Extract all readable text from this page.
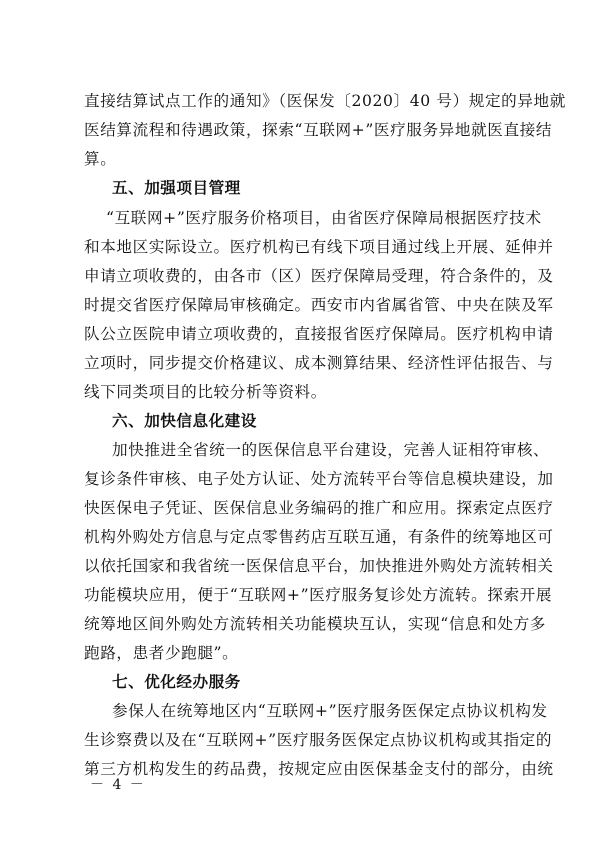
直接结算试点工作的通知》（医保发〔2020〕40 号）规定的异地就
医结算流程和待遇政策，探索“互联网+”医疗服务异地就医直接结
算。
五、加强项目管理
“互联网+”医疗服务价格项目，由省医疗保障局根据医疗技术
和本地区实际设立。医疗机构已有线下项目通过线上开展、延伸并
申请立项收费的，由各市（区）医疗保障局受理，符合条件的，及
时提交省医疗保障局审核确定。西安市内省属省管、中央在陕及军
队公立医院申请立项收费的，直接报省医疗保障局。医疗机构申请
立项时，同步提交价格建议、成本测算结果、经济性评估报告、与
线下同类项目的比较分析等资料。
六、加快信息化建设
加快推进全省统一的医保信息平台建设，完善人证相符审核、
复诊条件审核、电子处方认证、处方流转平台等信息模块建设，加
快医保电子凭证、医保信息业务编码的推广和应用。探索定点医疗
机构外购处方信息与定点零售药店互联互通，有条件的统筹地区可
以依托国家和我省统一医保信息平台，加快推进外购处方流转相关
功能模块应用，便于“互联网+”医疗服务复诊处方流转。探索开展
统筹地区间外购处方流转相关功能模块互认，实现“信息和处方多
跑路，患者少跑腿”。
七、优化经办服务
参保人在统筹地区内“互联网+”医疗服务医保定点协议机构发
生诊察费以及在“互联网+”医疗服务医保定点协议机构或其指定的
第三方机构发生的药品费，按规定应由医保基金支付的部分，由统
－ 4 －
